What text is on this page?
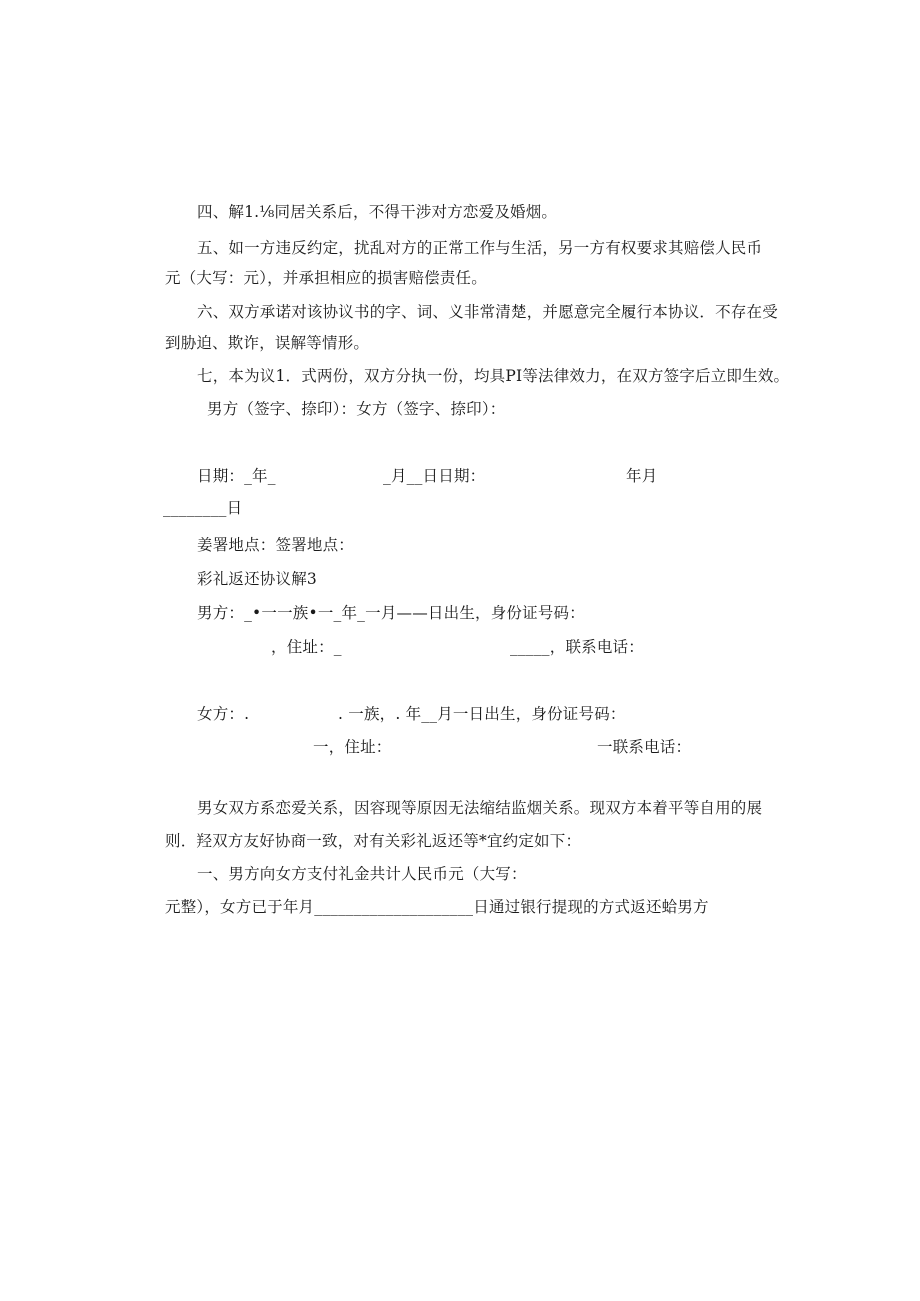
四、解1.⅛同居关系后，不得干涉对方恋爱及婚烟。
五、如一方违反约定，扰乱对方的正常工作与生活，另一方有权要求其赔偿人民币
元（大写：元），并承担相应的损害赔偿责任。
六、双方承诺对该协议书的字、词、义非常清楚，并愿意完全履行本协议．不存在受
到胁迫、欺诈，误解等情形。
七，本为议1．式两份，双方分执一份，均具PI等法律效力，在双方签字后立即生效。
男方（签字、捺印）：女方（签字、捺印）：
日期：_年_	_月__日日期：	年月
________日
姜署地点：签署地点：
彩礼返还协议解3
男方：_•一一族•一_年_一月——日出生，身份证号码：
，住址：_	_____，联系电话：
女方：.	. 一族，. 年__月一日出生，身份证号码：
一，住址：	一联系电话：
男女双方系恋爱关系，因容现等原因无法缩结监烟关系。现双方本着平等自用的展
则．羟双方友好协商一致，对有关彩礼返还等*宜约定如下：
一、男方向女方支付礼金共计人民币元（大写：
元整），女方已于年月____________________日通过银行提现的方式返还蛤男方
